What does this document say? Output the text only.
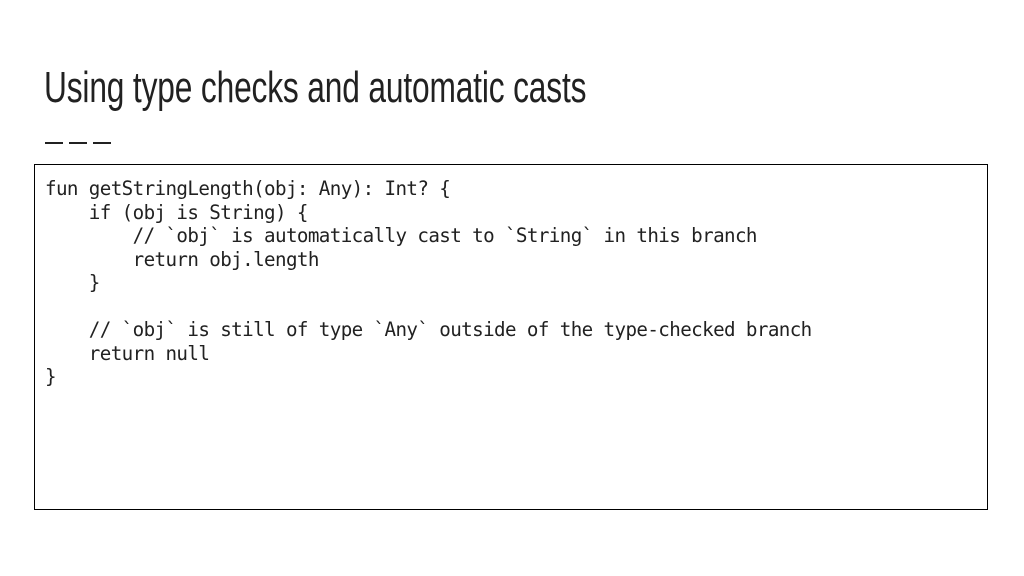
Using type checks and automatic casts
fun getStringLength(obj: Any): Int? {
if (obj is String) {
// `obj` is automatically cast to `String` in this branch
return obj.length
}
// `obj` is still of type `Any` outside of the type-checked branch
return null
}
